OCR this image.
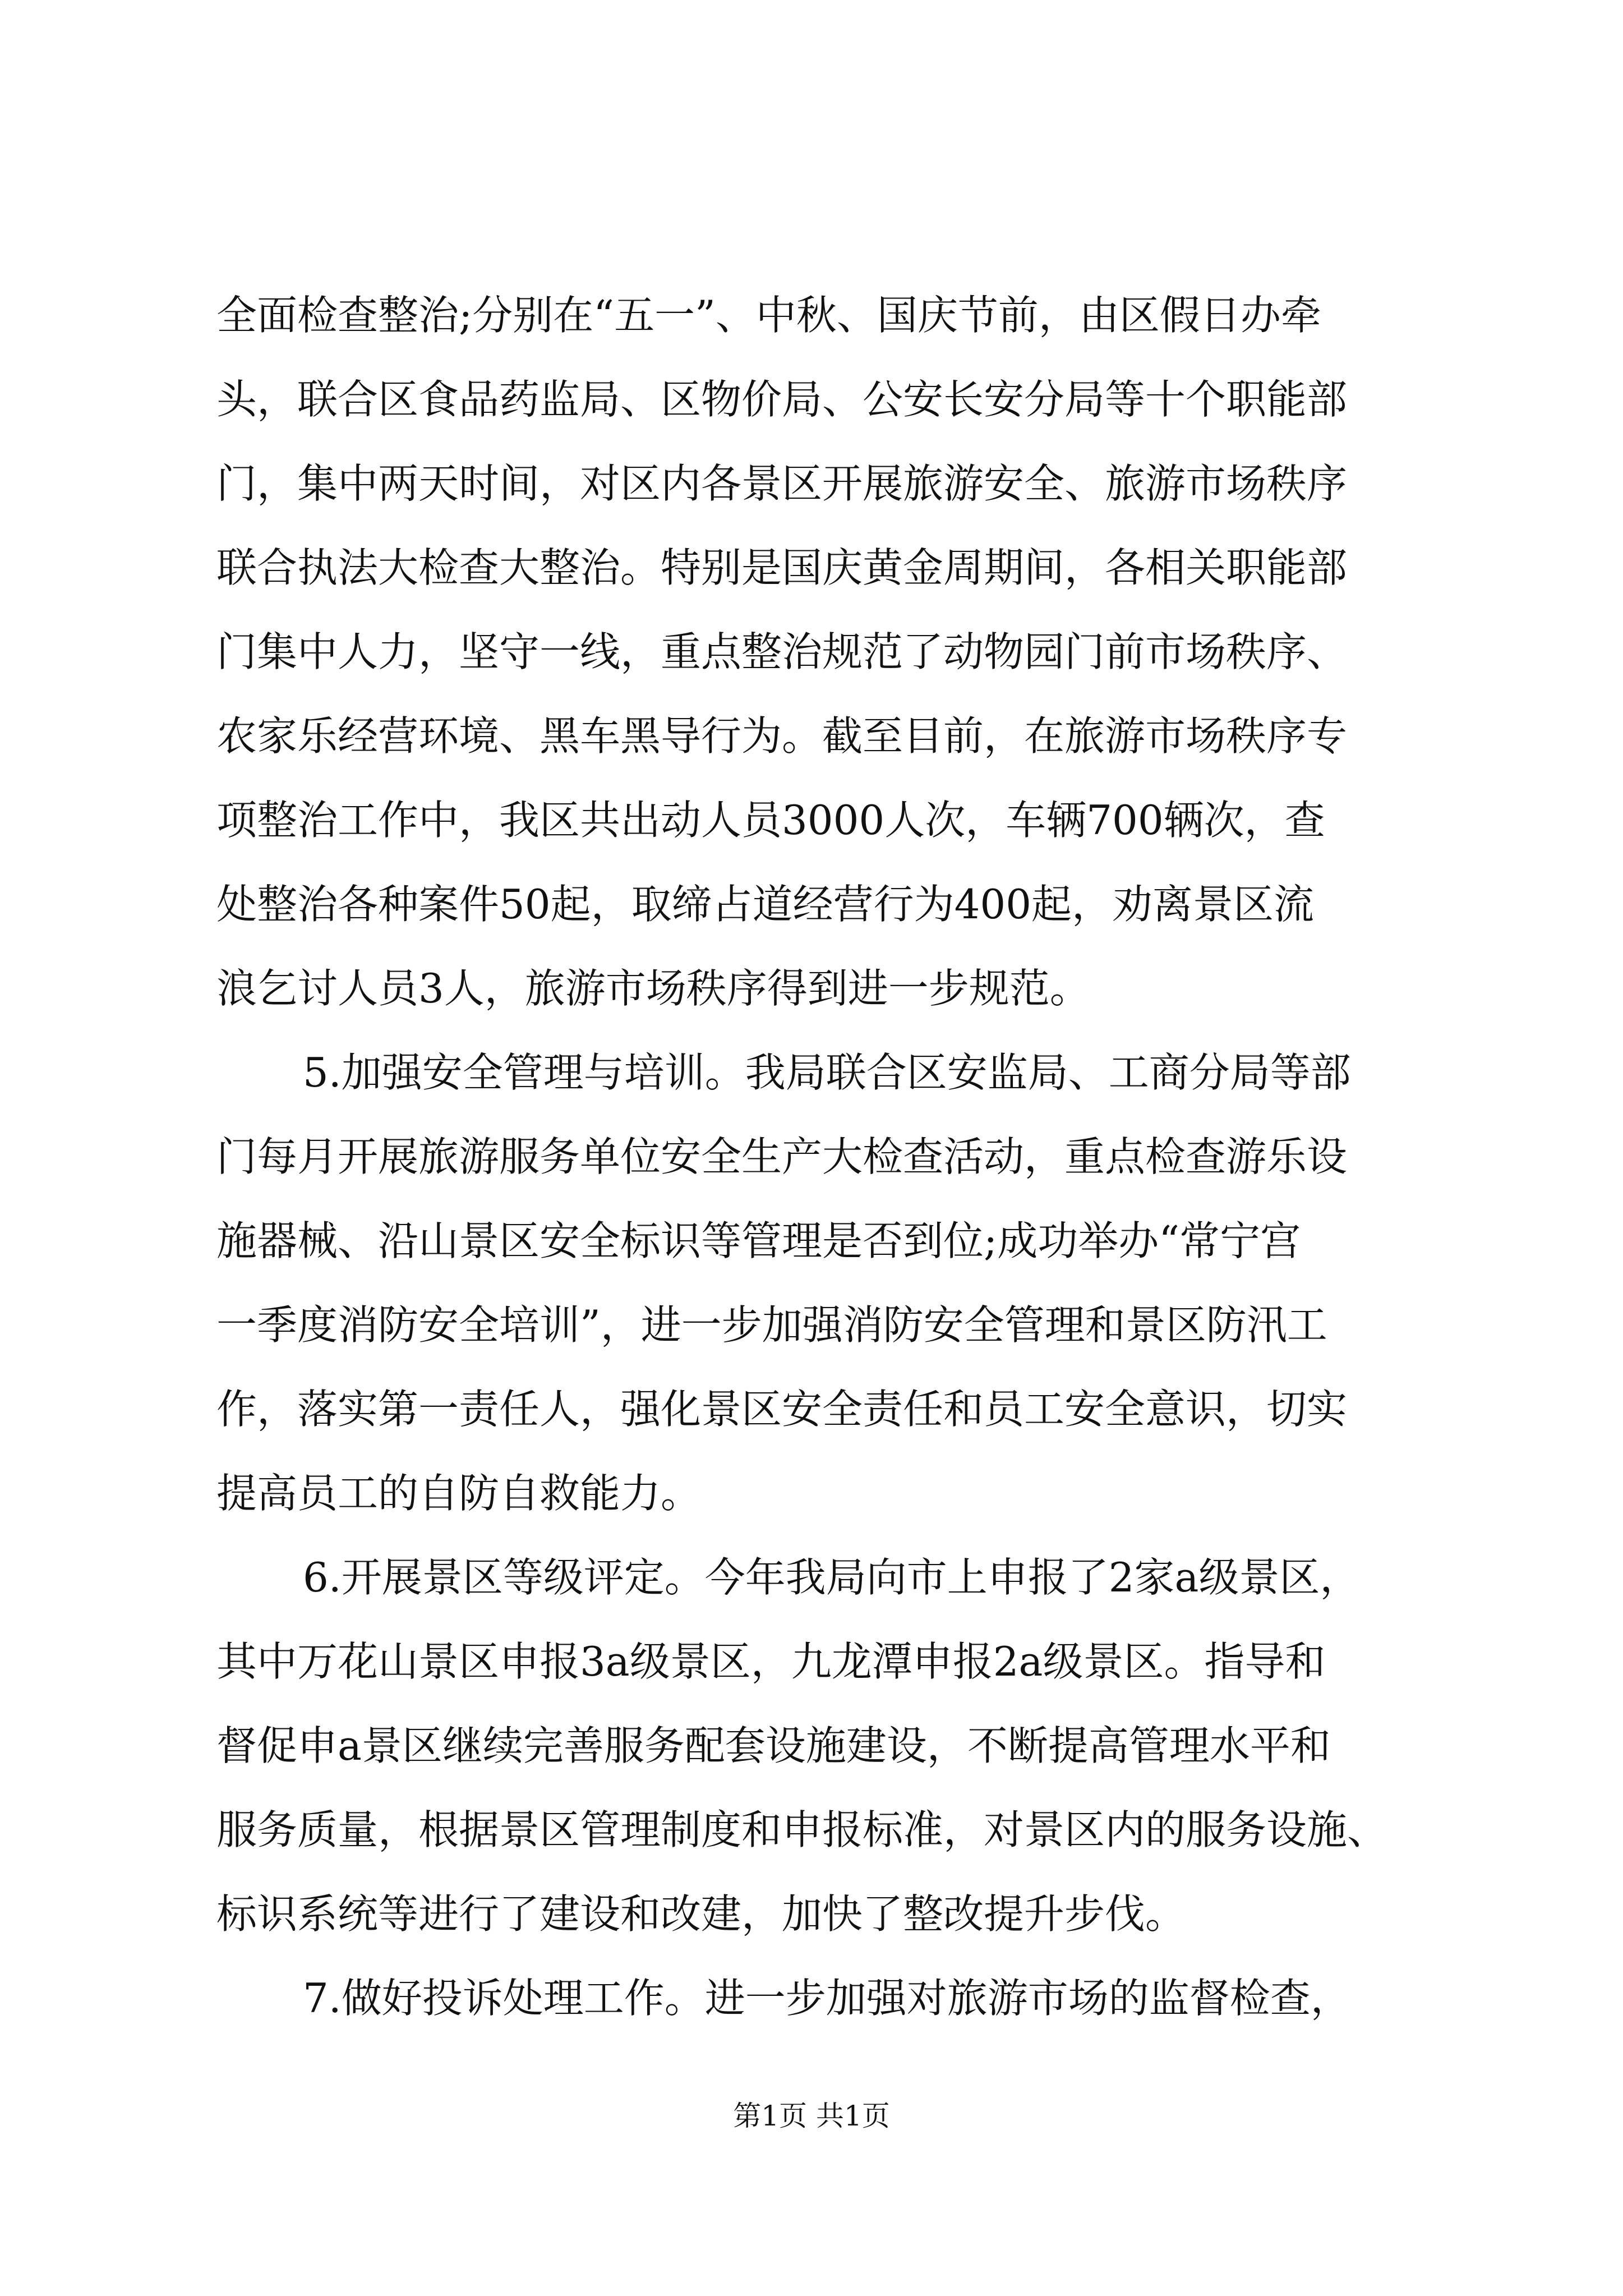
全面检查整治;分别在“五一”、中秋、国庆节前，由区假日办牵
头，联合区食品药监局、区物价局、公安长安分局等十个职能部
门，集中两天时间，对区内各景区开展旅游安全、旅游市场秩序
联合执法大检查大整治。特别是国庆黄金周期间，各相关职能部
门集中人力，坚守一线，重点整治规范了动物园门前市场秩序、
农家乐经营环境、黑车黑导行为。截至目前，在旅游市场秩序专
项整治工作中，我区共出动人员3000人次，车辆700辆次，查
处整治各种案件50起，取缔占道经营行为400起，劝离景区流
浪乞讨人员3人，旅游市场秩序得到进一步规范。
5.加强安全管理与培训。我局联合区安监局、工商分局等部
门每月开展旅游服务单位安全生产大检查活动，重点检查游乐设
施器械、沿山景区安全标识等管理是否到位;成功举办“常宁宫
一季度消防安全培训”，进一步加强消防安全管理和景区防汛工
作，落实第一责任人，强化景区安全责任和员工安全意识，切实
提高员工的自防自救能力。
6.开展景区等级评定。今年我局向市上申报了2家a级景区，
其中万花山景区申报3a级景区，九龙潭申报2a级景区。指导和
督促申a景区继续完善服务配套设施建设，不断提高管理水平和
服务质量，根据景区管理制度和申报标准，对景区内的服务设施、
标识系统等进行了建设和改建，加快了整改提升步伐。
7.做好投诉处理工作。进一步加强对旅游市场的监督检查，
第1页 共1页
